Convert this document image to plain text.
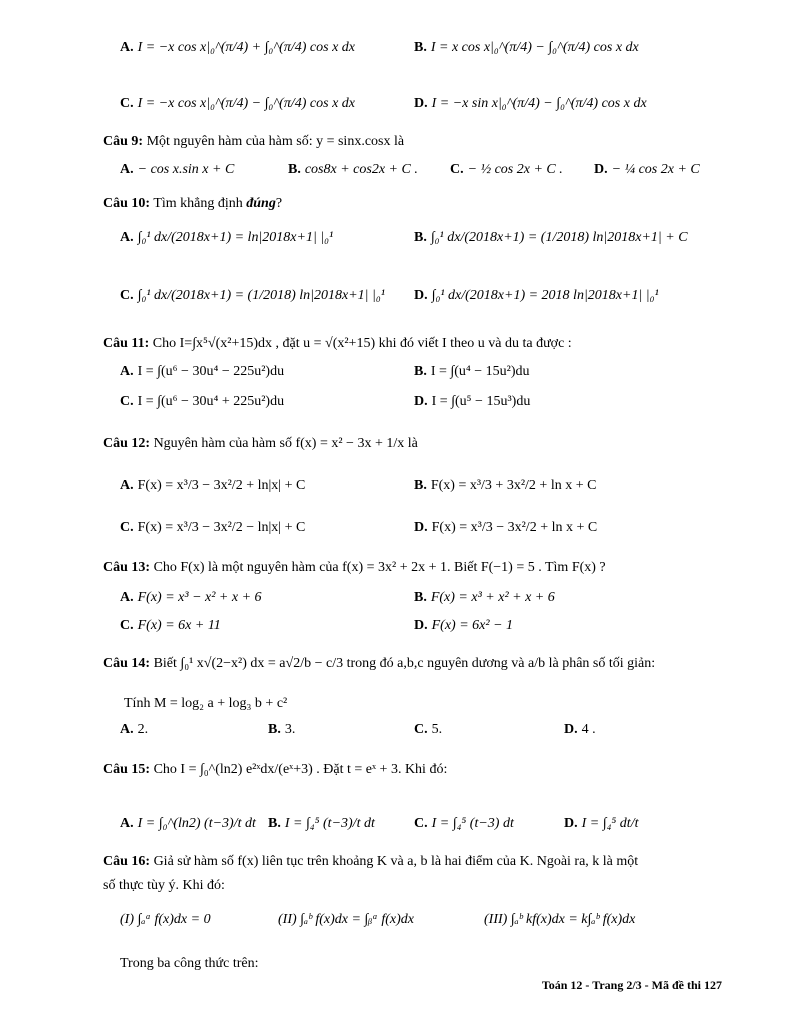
A. I = −x cos x|₀^(π/4) + ∫₀^(π/4) cos x dx	B. I = x cos x|₀^(π/4) − ∫₀^(π/4) cos x dx
C. I = −x cos x|₀^(π/4) − ∫₀^(π/4) cos x dx	D. I = −x sin x|₀^(π/4) − ∫₀^(π/4) cos x dx
Câu 9: Một nguyên hàm của hàm số: y = sinx.cosx là
A. − cos x.sin x + C	B. cos8x + cos2x + C . C. − ½ cos 2x + C . D. − ¼ cos 2x + C
Câu 10: Tìm khẳng định đúng?
A. ∫₀¹ dx/(2018x+1) = ln|2018x+1| |₀¹	B. ∫₀¹ dx/(2018x+1) = (1/2018) ln|2018x+1| + C
C. ∫₀¹ dx/(2018x+1) = (1/2018) ln|2018x+1| |₀¹ D. ∫₀¹ dx/(2018x+1) = 2018 ln|2018x+1| |₀¹
Câu 11: Cho I=∫x⁵√(x²+15)dx , đặt u = √(x²+15) khi đó viết I theo u và du ta được :
A. I = ∫(u⁶ − 30u⁴ − 225u²)du	B. I = ∫(u⁴ − 15u²)du
C. I = ∫(u⁶ − 30u⁴ + 225u²)du	D. I = ∫(u⁵ − 15u³)du
Câu 12: Nguyên hàm của hàm số f(x) = x² − 3x + 1/x là
A. F(x) = x³/3 − 3x²/2 + ln|x| + C	B. F(x) = x³/3 + 3x²/2 + ln x + C
C. F(x) = x³/3 − 3x²/2 − ln|x| + C	D. F(x) = x³/3 − 3x²/2 + ln x + C
Câu 13: Cho F(x) là một nguyên hàm của f(x) = 3x² + 2x + 1. Biết F(−1) = 5 . Tìm F(x) ?
A. F(x) = x³ − x² + x + 6	B. F(x) = x³ + x² + x + 6
C. F(x) = 6x + 11	D. F(x) = 6x² − 1
Câu 14: Biết ∫₀¹ x√(2−x²) dx = a√2/b − c/3 trong đó a,b,c nguyên dương và a/b là phân số tối giản:
Tính M = log₂ a + log₃ b + c²
A. 2.	B. 3.	C. 5.	D. 4 .
Câu 15: Cho I = ∫₀^(ln2) e²ˣdx/(eˣ+3) . Đặt t = eˣ + 3. Khi đó:
A. I = ∫₀^(ln2) (t−3)/t dt B. I = ∫₄⁵ (t−3)/t dt	C. I = ∫₄⁵ (t−3) dt	D. I = ∫₄⁵ dt/t
Câu 16: Giả sử hàm số f(x) liên tục trên khoảng K và a, b là hai điểm của K. Ngoài ra, k là một
số thực tùy ý. Khi đó:
(I) ∫ₐᵃ f(x)dx = 0	(II) ∫ₐᵇ f(x)dx = ∫ᵦᵃ f(x)dx	(III) ∫ₐᵇ kf(x)dx = k∫ₐᵇ f(x)dx
Trong ba công thức trên:
Toán 12 - Trang 2/3 - Mã đề thi 127
